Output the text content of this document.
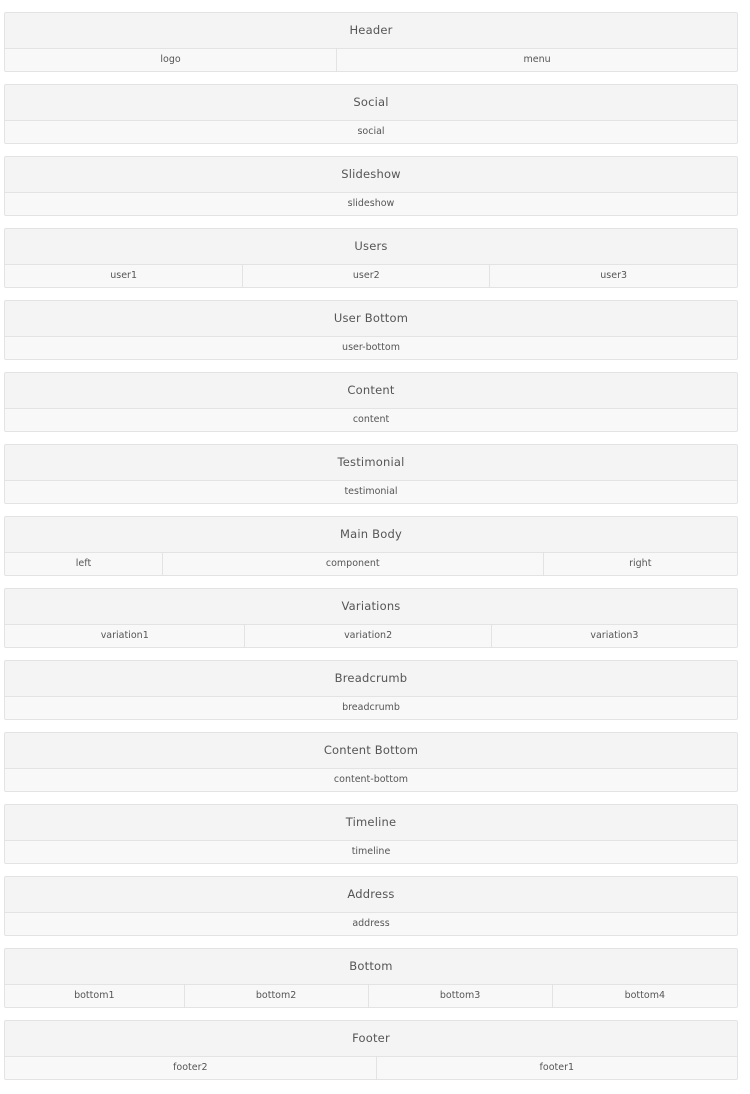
Header
logo	menu
Social
social
Slideshow
slideshow
Users
user1	user2	user3
User Bottom
user-bottom
Content
content
Testimonial
testimonial
Main Body
left	component	right
Variations
variation1	variation2	variation3
Breadcrumb
breadcrumb
Content Bottom
content-bottom
Timeline
timeline
Address
address
Bottom
bottom1	bottom2	bottom3	bottom4
Footer
footer2	footer1
